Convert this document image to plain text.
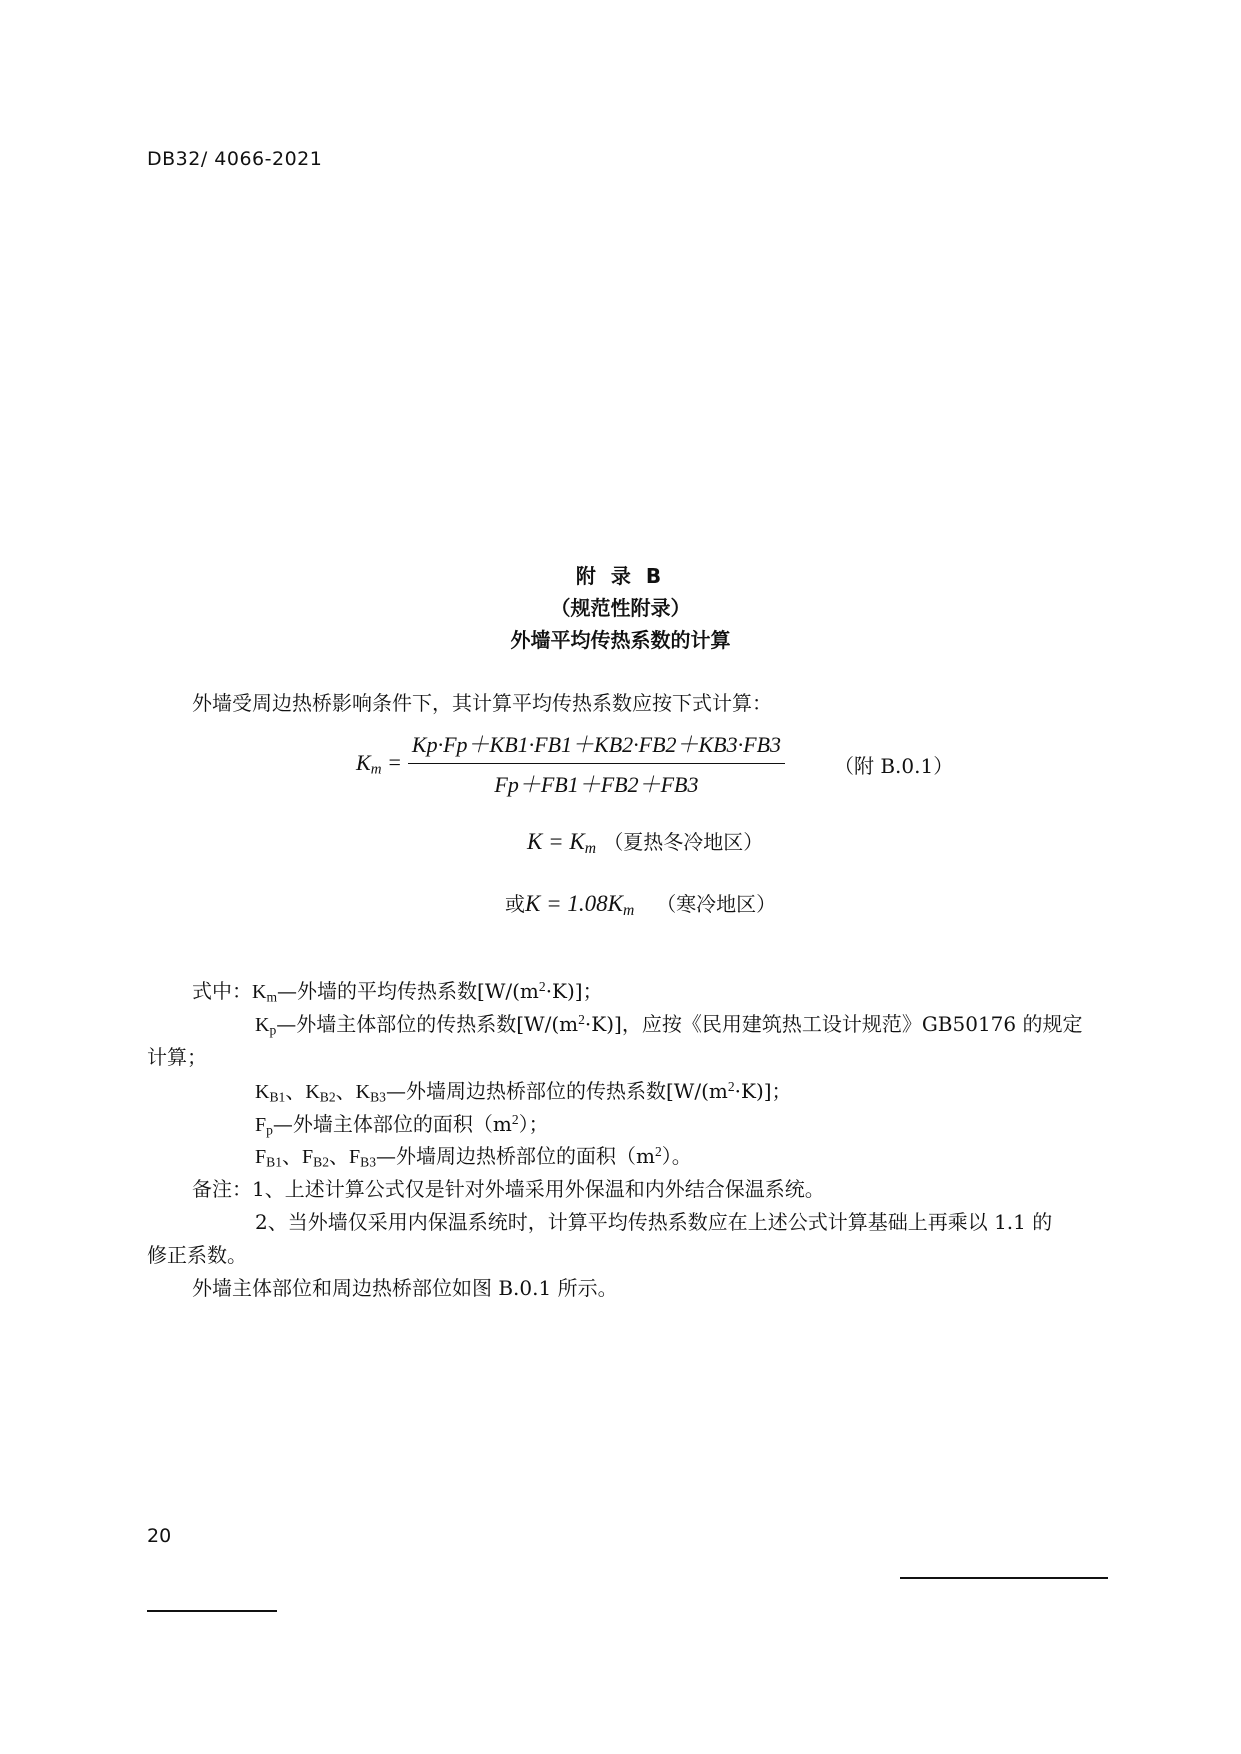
DB32/ 4066-2021
附 录 B
（规范性附录）
外墙平均传热系数的计算
外墙受周边热桥影响条件下，其计算平均传热系数应按下式计算：
$K_m = \frac{Kp\cdot Fp+KB1\cdot FB1+KB2\cdot FB2+KB3\cdot FB3}{Fp+FB1+FB2+FB3}$ （附 B.0.1）
$K = K_m$ （夏热冬冷地区）
或$K = 1.08K_m$ （寒冷地区）
式中：$K_m—$外墙的平均传热系数$[W/(m^2\cdot K)]$；
$K_p—$外墙主体部位的传热系数$[W/(m^2\cdot K)]$，应按《民用建筑热工设计规范》GB50176 的规定
计算；
$K_{B1}$、$K_{B2}$、$K_{B3}—$外墙周边热桥部位的传热系数$[W/(m^2\cdot K)]$；
$F_p—$外墙主体部位的面积$(m^2)$；
$F_{B1}$、$F_{B2}$、$F_{B3}—$外墙周边热桥部位的面积$(m^2)$。
备注：1、上述计算公式仅是针对外墙采用外保温和内外结合保温系统。
2、当外墙仅采用内保温系统时，计算平均传热系数应在上述公式计算基础上再乘以 1.1 的
修正系数。
外墙主体部位和周边热桥部位如图 B.0.1 所示。
20
